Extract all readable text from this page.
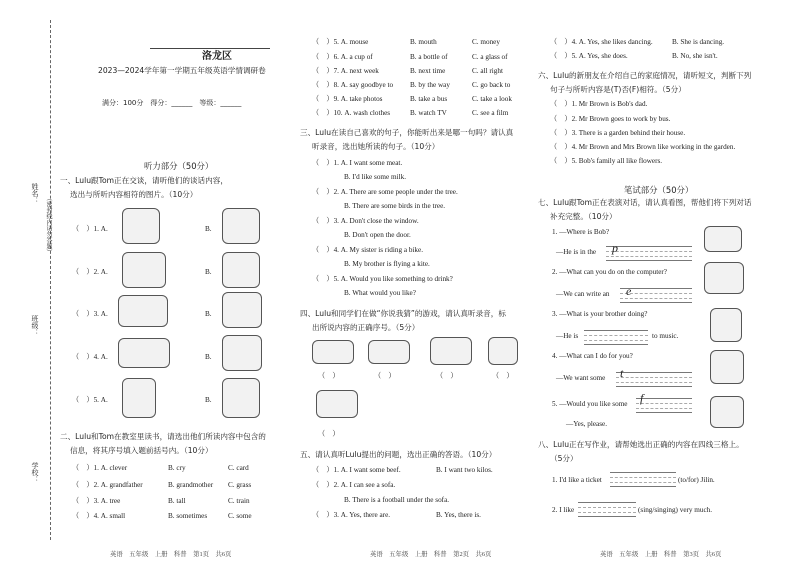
姓名：
（密封线内请勿答题）
班级：
学校：
洛龙区
2023—2024学年第一学期五年级英语学情调研卷
满分：100分　得分：______　等级：______
听力部分（50分）
一、Lulu跟Tom正在交谈，请听他们的谈话内容，
选出与所听内容相符的图片。（10分）
（　）1. A.	B.
（　）2. A.	B.
（　）3. A.	B.
（　）4. A.	B.
（　）5. A.	B.
二、Lulu和Tom在教室里读书，请选出他们所读内容中包含的
信息，将其序号填入题前括号内。（10分）
（　）1. A. clever	B. cry	C. card
（　）2. A. grandfather	B. grandmother C. grass
（　）3. A. tree	B. tall	C. train
（　）4. A. small	B. sometimes	C. some
英语　五年级　上册　科普　第1页　共6页
（　）5. A. mouse	B. mouth	C. money
（　）6. A. a cup of	B. a bottle of	C. a glass of
（　）7. A. next week	B. next time	C. all right
（　）8. A. say goodbye to B. by the way	C. go back to
（　）9. A. take photos	B. take a bus	C. take a look
（　）10. A. wash clothes	B. watch TV	C. see a film
三、Lulu在读自己喜欢的句子，你能听出来是哪一句吗？请认真
听录音，选出她所读的句子。（10分）
（　）1. A. I want some meat.
B. I'd like some milk.
（　）2. A. There are some people under the tree.
B. There are some birds in the tree.
（　）3. A. Don't close the window.
B. Don't open the door.
（　）4. A. My sister is riding a bike.
B. My brother is flying a kite.
（　）5. A. Would you like something to drink?
B. What would you like?
四、Lulu和同学们在做“你说我猜”的游戏，请认真听录音，标
出所说内容的正确序号。（5分）
（　）	（　）	（　）	（　）
（　）
五、请认真听Lulu提出的问题，选出正确的答语。（10分）
（　）1. A. I want some beef.	B. I want two kilos.
（　）2. A. I can see a sofa.
B. There is a football under the sofa.
（　）3. A. Yes, there are.	B. Yes, there is.
英语　五年级　上册　科普　第2页　共6页
（　）4. A. Yes, she likes dancing.	B. She is dancing.
（　）5. A. Yes, she does.	B. No, she isn't.
六、Lulu的新朋友在介绍自己的家庭情况，请听短文，判断下列
句子与所听内容是(T)否(F)相符。（5分）
（　）1. Mr Brown is Bob's dad.
（　）2. Mr Brown goes to work by bus.
（　）3. There is a garden behind their house.
（　）4. Mr Brown and Mrs Brown like working in the garden.
（　）5. Bob's family all like flowers.
笔试部分（50分）
七、Lulu跟Tom正在表演对话，请认真看图，帮他们将下列对话
补充完整。（10分）
1. —Where is Bob?
—He is in the p
2. —What can you do on the computer?
—We can write an e
3. —What is your brother doing?
—He is	to music.
4. —What can I do for you?
—We want some t
5. —Would you like some f
—Yes, please.
八、Lulu正在写作业，请帮她选出正确的内容在四线三格上。
（5分）
1. I'd like a ticket	(to/for) Jilin.
2. I like	(sing/singing) very much.
英语　五年级　上册　科普　第3页　共6页
